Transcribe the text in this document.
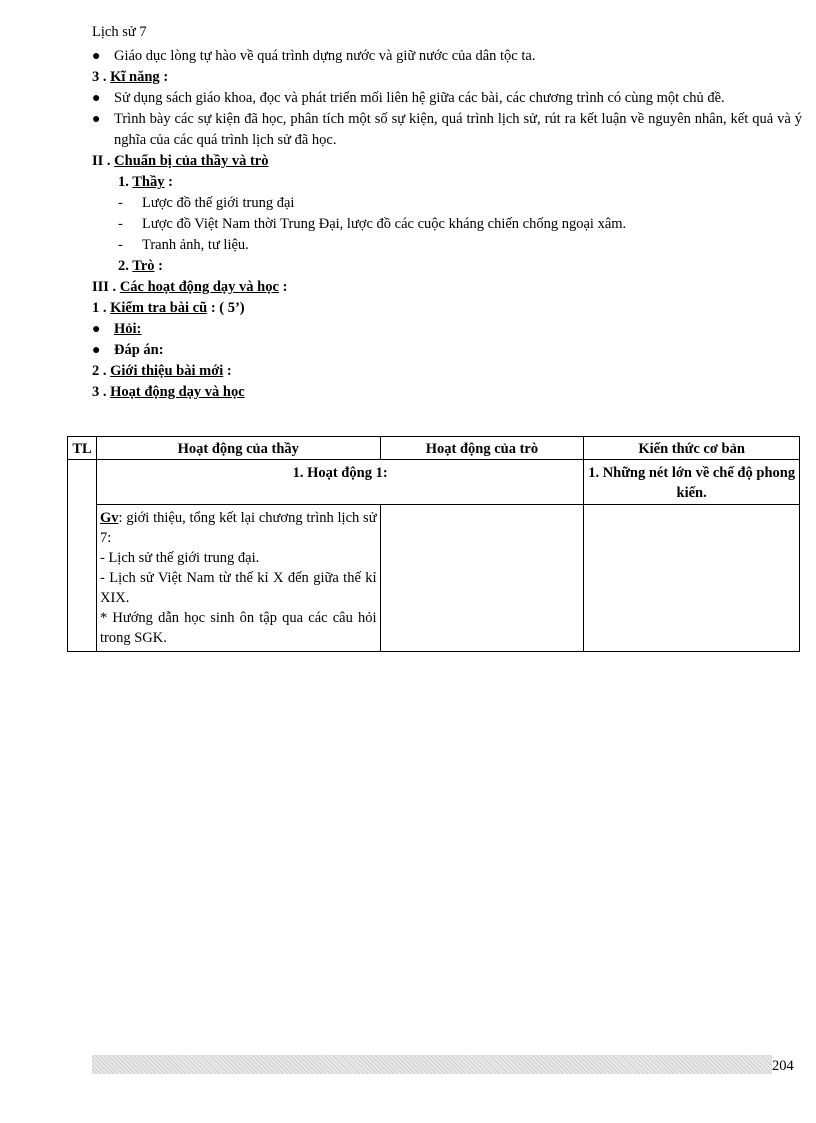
Lịch sử 7
● Giáo dục lòng tự hào về quá trình dựng nước và giữ nước của dân tộc ta.
3 . Kĩ năng :
● Sử dụng sách giáo khoa, đọc và phát triển mối liên hệ giữa các bài, các chương trình có cùng một chủ đề.
● Trình bày các sự kiện đã học, phân tích một số sự kiện, quá trình lịch sử, rút ra kết luận về nguyên nhân, kết quả và ý nghĩa của các quá trình lịch sử đã học.
II . Chuẩn bị của thầy và trò
1. Thầy :
- Lược đồ thế giới trung đại
- Lược đồ Việt Nam thời Trung Đại, lược đồ các cuộc kháng chiến chống ngoại xâm.
- Tranh ảnh, tư liệu.
2. Trò :
III . Các hoạt động dạy và học :
1 . Kiểm tra bài cũ : ( 5’)
● Hỏi:
● Đáp án:
2 . Giới thiệu bài mới :
3 . Hoạt động dạy và học
TL	Hoạt động của thầy	Hoạt động của trò	Kiến thức cơ bản
	1. Hoạt động 1:		1. Những nét lớn về chế độ phong kiến.

	Gv: giới thiệu, tổng kết lại chương trình lịch sử 7:
- Lịch sử thế giới trung đại.
- Lịch sử Việt Nam từ thế kỉ X đến giữa thế kỉ XIX.
* Hướng dẫn học sinh ôn tập qua các câu hỏi trong SGK.		

204
